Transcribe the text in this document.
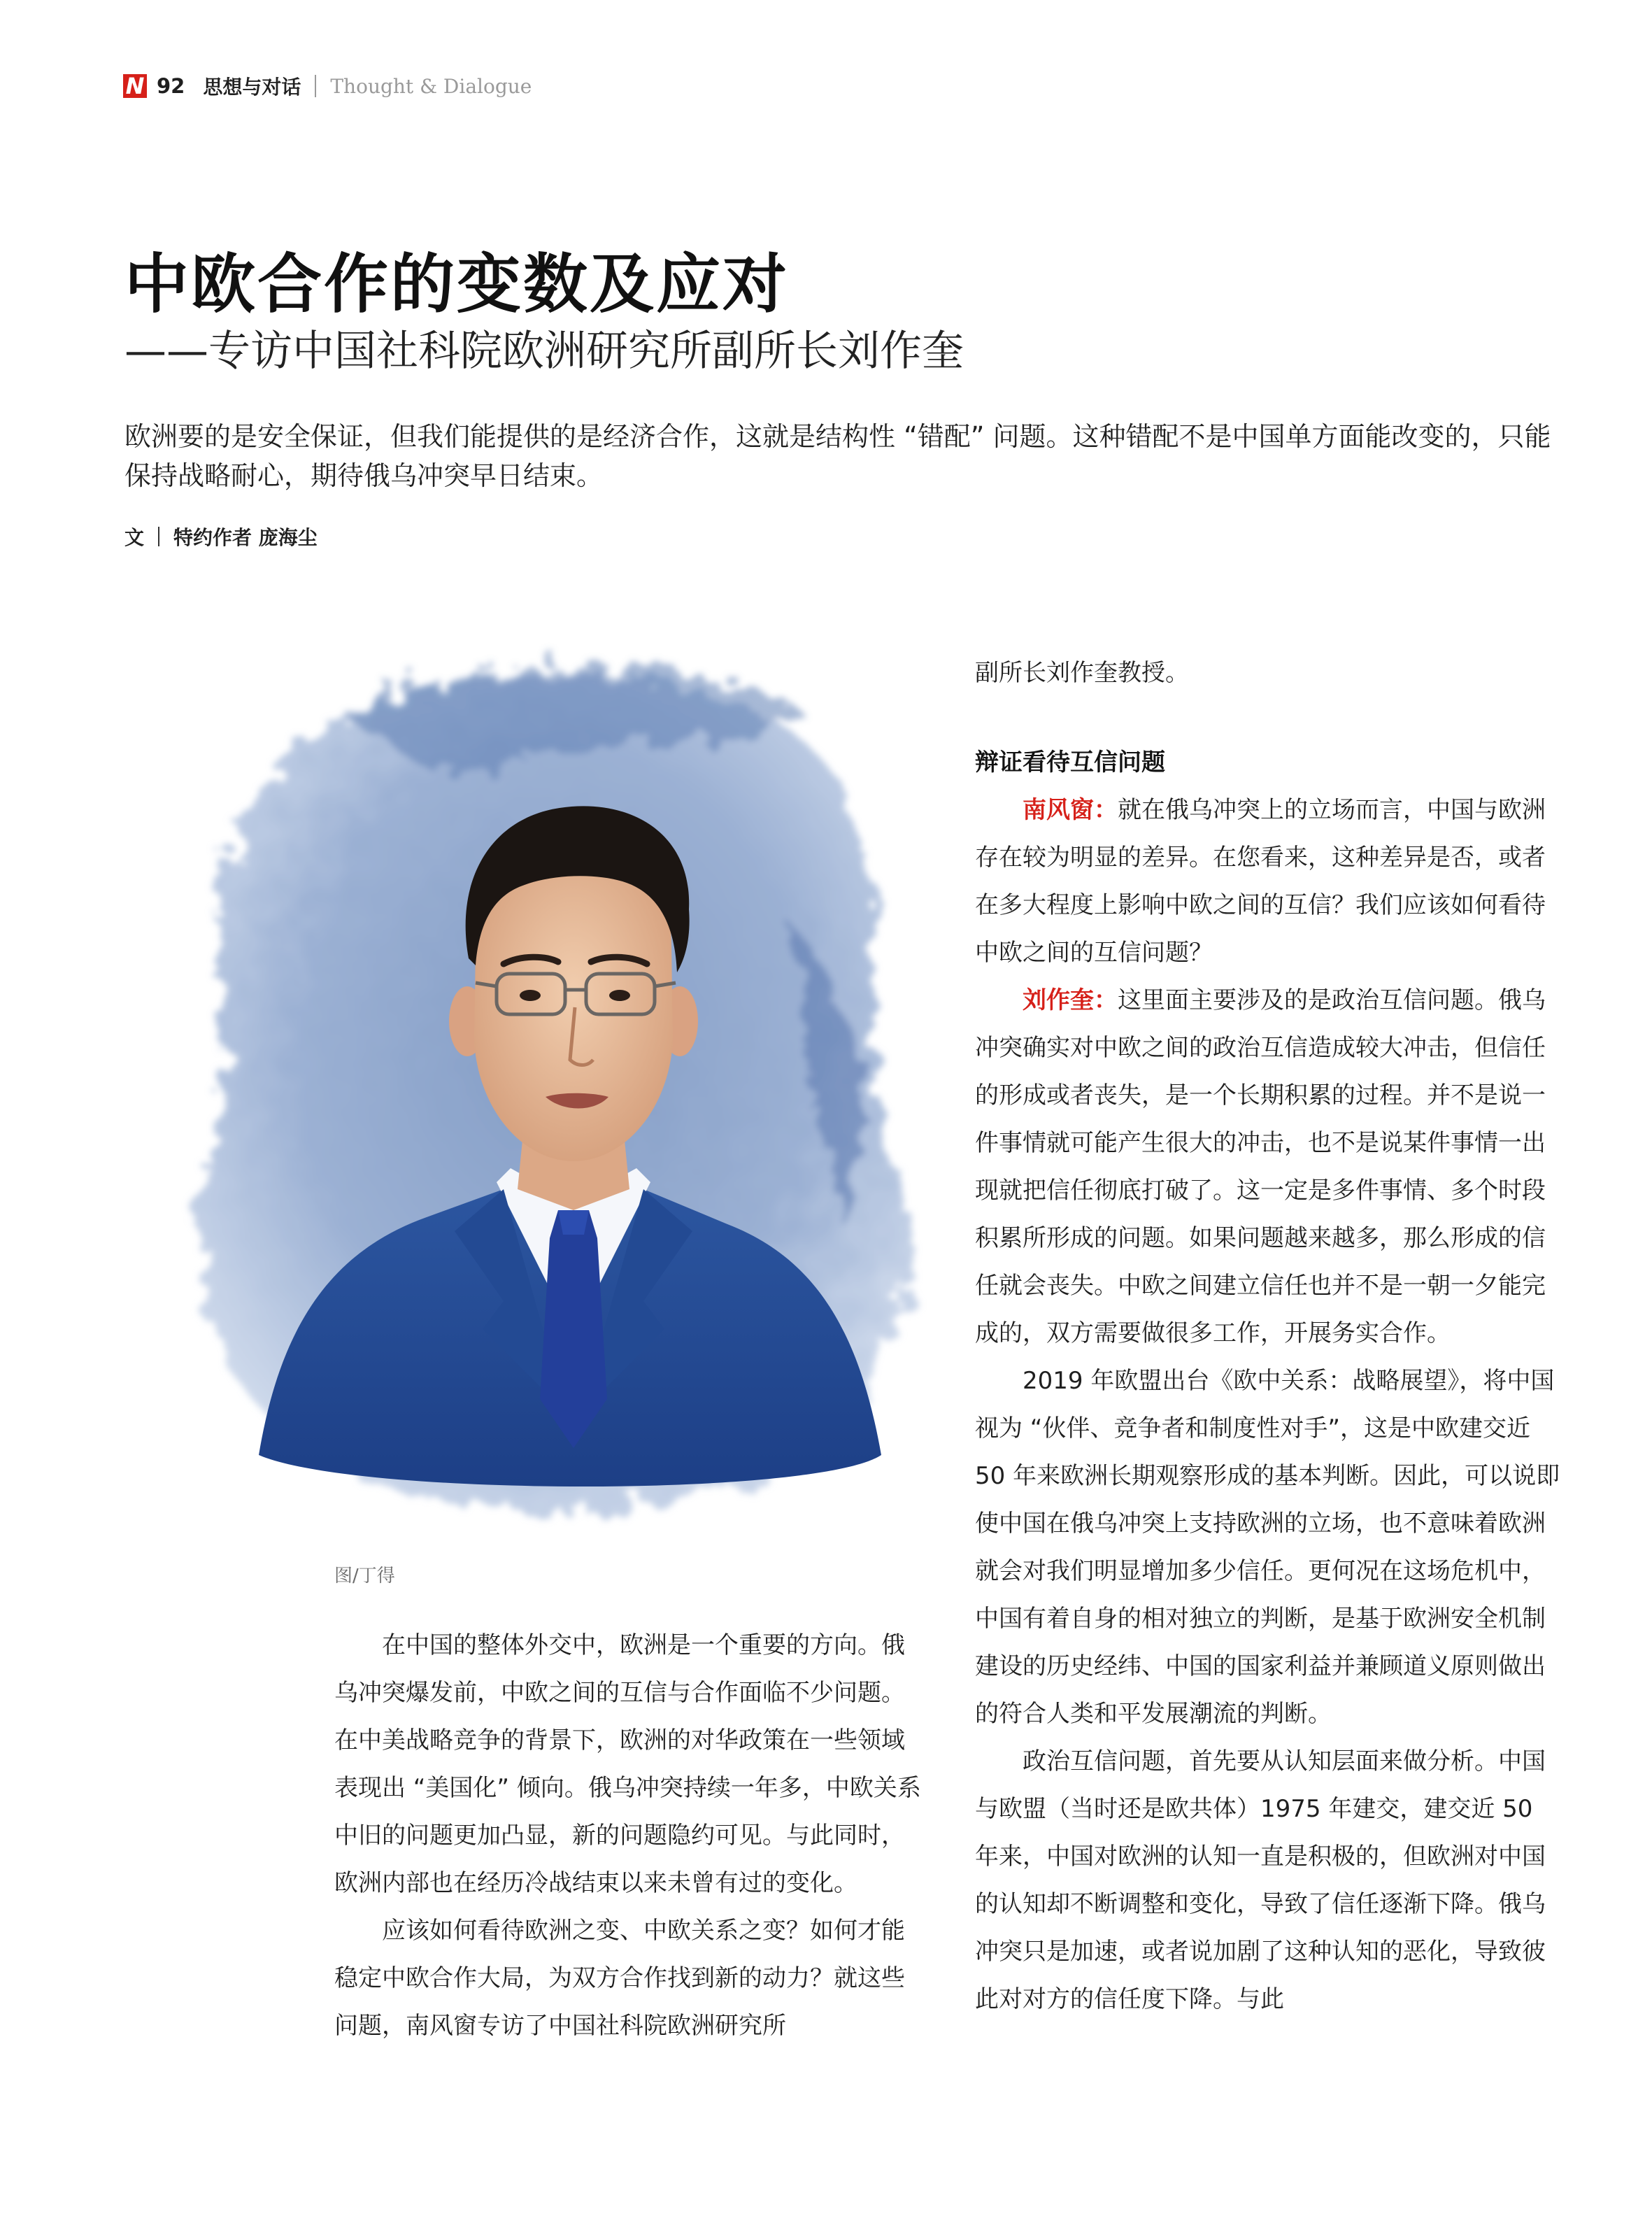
N 92 思想与对话 Thought & Dialogue
中欧合作的变数及应对
——专访中国社科院欧洲研究所副所长刘作奎
欧洲要的是安全保证，但我们能提供的是经济合作，这就是结构性 “错配” 问题。这种错配不是中国单方面能改变的，只能保持战略耐心，期待俄乌冲突早日结束。
文 特约作者 庞海尘
图/丁得

在中国的整体外交中，欧洲是一个重要的方向。俄乌冲突爆发前，中欧之间的互信与合作面临不少问题。在中美战略竞争的背景下，欧洲的对华政策在一些领域表现出 “美国化” 倾向。俄乌冲突持续一年多，中欧关系中旧的问题更加凸显，新的问题隐约可见。与此同时，欧洲内部也在经历冷战结束以来未曾有过的变化。

应该如何看待欧洲之变、中欧关系之变？如何才能稳定中欧合作大局，为双方合作找到新的动力？就这些问题，南风窗专访了中国社科院欧洲研究所

副所长刘作奎教授。

辩证看待互信问题

南风窗：就在俄乌冲突上的立场而言，中国与欧洲存在较为明显的差异。在您看来，这种差异是否，或者在多大程度上影响中欧之间的互信？我们应该如何看待中欧之间的互信问题？

刘作奎：这里面主要涉及的是政治互信问题。俄乌冲突确实对中欧之间的政治互信造成较大冲击，但信任的形成或者丧失，是一个长期积累的过程。并不是说一件事情就可能产生很大的冲击，也不是说某件事情一出现就把信任彻底打破了。这一定是多件事情、多个时段积累所形成的问题。如果问题越来越多，那么形成的信任就会丧失。中欧之间建立信任也并不是一朝一夕能完成的，双方需要做很多工作，开展务实合作。

2019 年欧盟出台《欧中关系：战略展望》，将中国视为 “伙伴、竞争者和制度性对手”，这是中欧建交近 50 年来欧洲长期观察形成的基本判断。因此，可以说即使中国在俄乌冲突上支持欧洲的立场，也不意味着欧洲就会对我们明显增加多少信任。更何况在这场危机中，中国有着自身的相对独立的判断，是基于欧洲安全机制建设的历史经纬、中国的国家利益并兼顾道义原则做出的符合人类和平发展潮流的判断。

政治互信问题，首先要从认知层面来做分析。中国与欧盟（当时还是欧共体）1975 年建交，建交近 50 年来，中国对欧洲的认知一直是积极的，但欧洲对中国的认知却不断调整和变化，导致了信任逐渐下降。俄乌冲突只是加速，或者说加剧了这种认知的恶化，导致彼此对对方的信任度下降。与此
